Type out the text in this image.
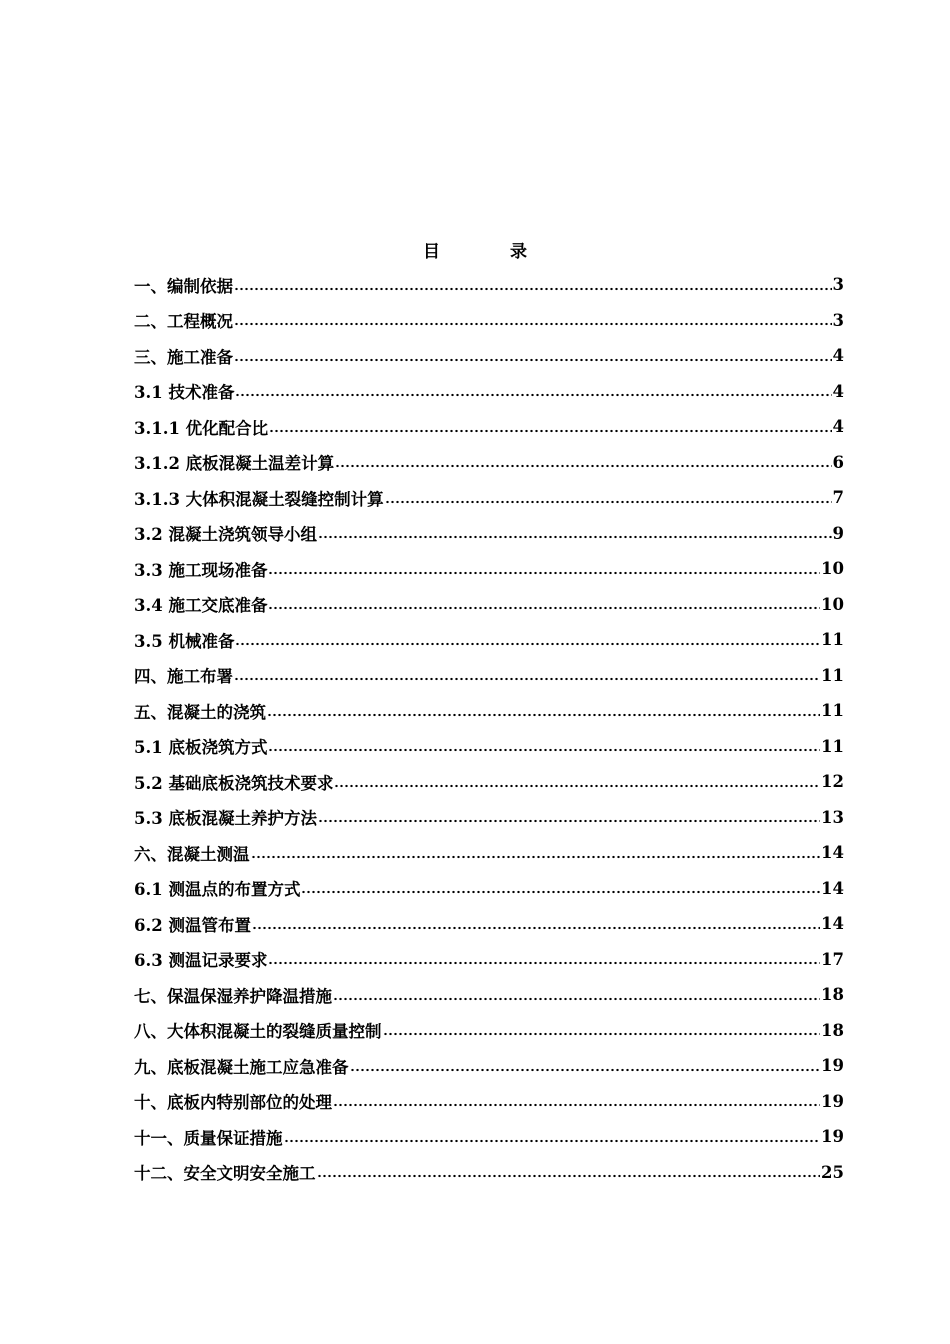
目	录
一、编制依据	3
二、工程概况	3
三、施工准备	4
3.1 技术准备	4
3.1.1 优化配合比	4
3.1.2 底板混凝土温差计算	6
3.1.3 大体积混凝土裂缝控制计算	7
3.2 混凝土浇筑领导小组	9
3.3 施工现场准备	10
3.4 施工交底准备	10
3.5 机械准备	11
四、施工布署	11
五、混凝土的浇筑	11
5.1 底板浇筑方式	11
5.2 基础底板浇筑技术要求	12
5.3 底板混凝土养护方法	13
六、混凝土测温	14
6.1 测温点的布置方式	14
6.2 测温管布置	14
6.3 测温记录要求	17
七、保温保湿养护降温措施	18
八、大体积混凝土的裂缝质量控制	18
九、底板混凝土施工应急准备	19
十、底板内特别部位的处理	19
十一、质量保证措施	19
十二、安全文明安全施工	25
